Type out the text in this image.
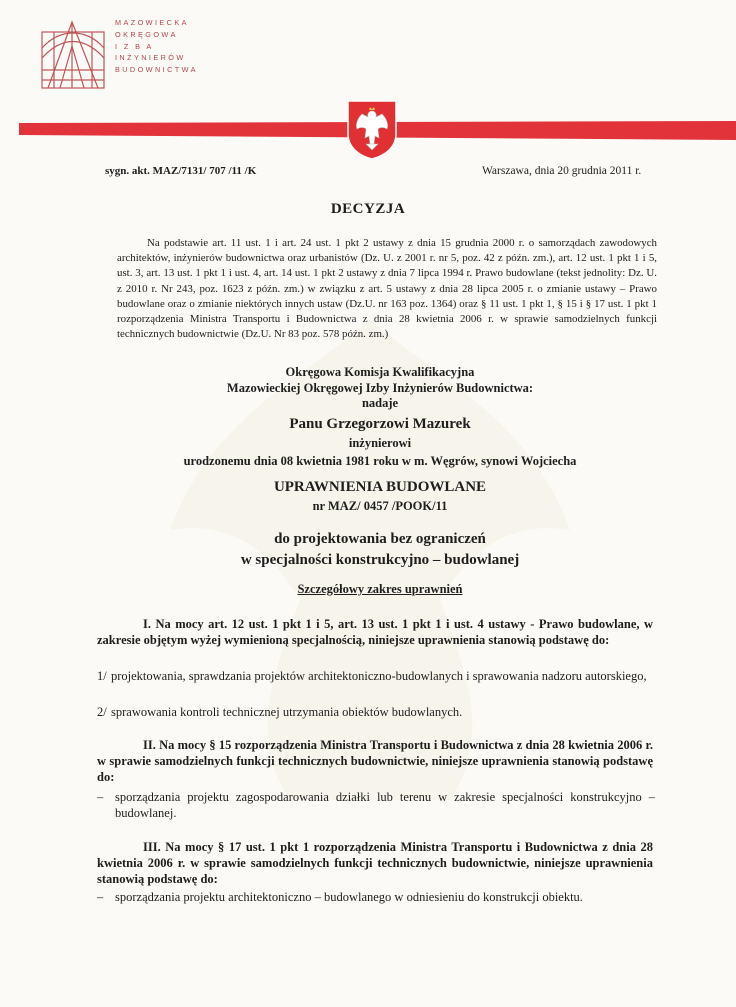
MAZOWIECKA
OKRĘGOWA
I Z B A
INŻYNIERÓW
BUDOWNICTWA
sygn. akt. MAZ/7131/ 707 /11 /K	Warszawa, dnia 20 grudnia 2011 r.
DECYZJA
Na podstawie art. 11 ust. 1 i art. 24 ust. 1 pkt 2 ustawy z dnia 15 grudnia 2000 r. o samorządach zawodowych architektów, inżynierów budownictwa oraz urbanistów (Dz. U. z 2001 r. nr 5, poz. 42 z późn. zm.), art. 12 ust. 1 pkt 1 i 5, ust. 3, art. 13 ust. 1 pkt 1 i ust. 4, art. 14 ust. 1 pkt 2 ustawy z dnia 7 lipca 1994 r. Prawo budowlane (tekst jednolity: Dz. U. z 2010 r. Nr 243, poz. 1623 z późn. zm.) w związku z art. 5 ustawy z dnia 28 lipca 2005 r. o zmianie ustawy – Prawo budowlane oraz o zmianie niektórych innych ustaw (Dz.U. nr 163 poz. 1364) oraz § 11 ust. 1 pkt 1, § 15 i § 17 ust. 1 pkt 1 rozporządzenia Ministra Transportu i Budownictwa z dnia 28 kwietnia 2006 r. w sprawie samodzielnych funkcji technicznych budownictwie (Dz.U. Nr 83 poz. 578 późn. zm.)
Okręgowa Komisja Kwalifikacyjna
Mazowieckiej Okręgowej Izby Inżynierów Budownictwa:
nadaje
Panu Grzegorzowi Mazurek
inżynierowi
urodzonemu dnia 08 kwietnia 1981 roku w m. Węgrów, synowi Wojciecha
UPRAWNIENIA BUDOWLANE
nr MAZ/ 0457 /POOK/11
do projektowania bez ograniczeń
w specjalności konstrukcyjno – budowlanej
Szczegółowy zakres uprawnień
I. Na mocy art. 12 ust. 1 pkt 1 i 5, art. 13 ust. 1 pkt 1 i ust. 4 ustawy - Prawo budowlane, w zakresie objętym wyżej wymienioną specjalnością, niniejsze uprawnienia stanowią podstawę do:
1/ projektowania, sprawdzania projektów architektoniczno-budowlanych i sprawowania nadzoru autorskiego,
2/ sprawowania kontroli technicznej utrzymania obiektów budowlanych.
II. Na mocy § 15 rozporządzenia Ministra Transportu i Budownictwa z dnia 28 kwietnia 2006 r. w sprawie samodzielnych funkcji technicznych budownictwie, niniejsze uprawnienia stanowią podstawę do:
– sporządzania projektu zagospodarowania działki lub terenu w zakresie specjalności konstrukcyjno – budowlanej.
III. Na mocy § 17 ust. 1 pkt 1 rozporządzenia Ministra Transportu i Budownictwa z dnia 28 kwietnia 2006 r. w sprawie samodzielnych funkcji technicznych budownictwie, niniejsze uprawnienia stanowią podstawę do:
– sporządzania projektu architektoniczno – budowlanego w odniesieniu do konstrukcji obiektu.
